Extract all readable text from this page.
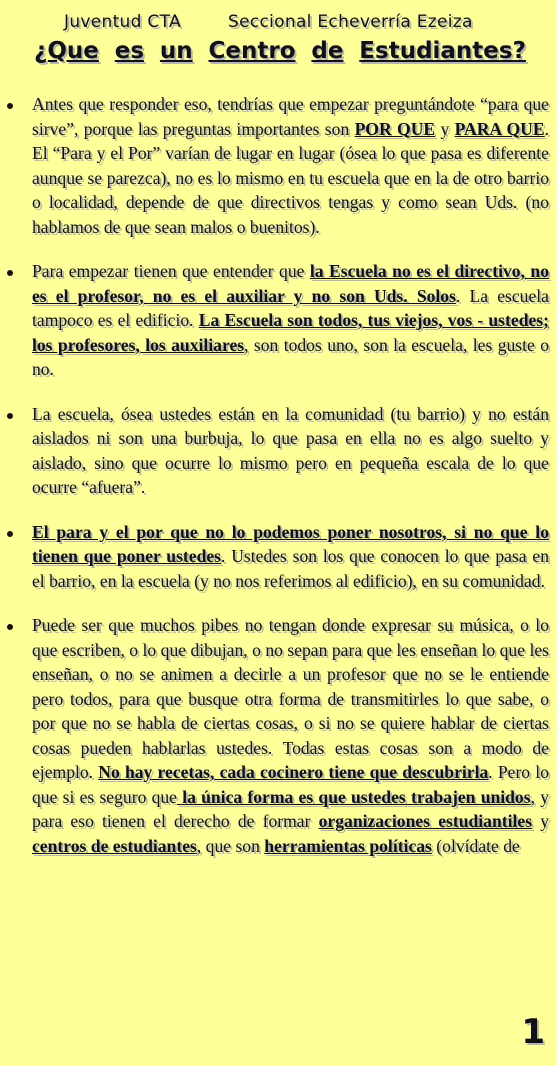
Juventud CTA	Seccional Echeverría Ezeiza
¿Que es un Centro de Estudiantes?
Antes que responder eso, tendrías que empezar preguntándote “para que sirve”, porque las preguntas importantes son POR QUE y PARA QUE. El “Para y el Por” varían de lugar en lugar (ósea lo que pasa es diferente aunque se parezca), no es lo mismo en tu escuela que en la de otro barrio o localidad, depende de que directivos tengas y como sean Uds. (no hablamos de que sean malos o buenitos).
Para empezar tienen que entender que la Escuela no es el directivo, no es el profesor, no es el auxiliar y no son Uds. Solos. La escuela tampoco es el edificio. La Escuela son todos, tus viejos, vos - ustedes; los profesores, los auxiliares, son todos uno, son la escuela, les guste o no.
La escuela, ósea ustedes están en la comunidad (tu barrio) y no están aislados ni son una burbuja, lo que pasa en ella no es algo suelto y aislado, sino que ocurre lo mismo pero en pequeña escala de lo que ocurre “afuera”.
El para y el por que no lo podemos poner nosotros, si no que lo tienen que poner ustedes. Ustedes son los que conocen lo que pasa en el barrio, en la escuela (y no nos referimos al edificio), en su comunidad.
Puede ser que muchos pibes no tengan donde expresar su música, o lo que escriben, o lo que dibujan, o no sepan para que les enseñan lo que les enseñan, o no se animen a decirle a un profesor que no se le entiende pero todos, para que busque otra forma de transmitirles lo que sabe, o por que no se habla de ciertas cosas, o si no se quiere hablar de ciertas cosas pueden hablarlas ustedes. Todas estas cosas son a modo de ejemplo. No hay recetas, cada cocinero tiene que descubrirla. Pero lo que si es seguro que la única forma es que ustedes trabajen unidos, y para eso tienen el derecho de formar organizaciones estudiantiles y centros de estudiantes, que son herramientas políticas (olvídate de
1
